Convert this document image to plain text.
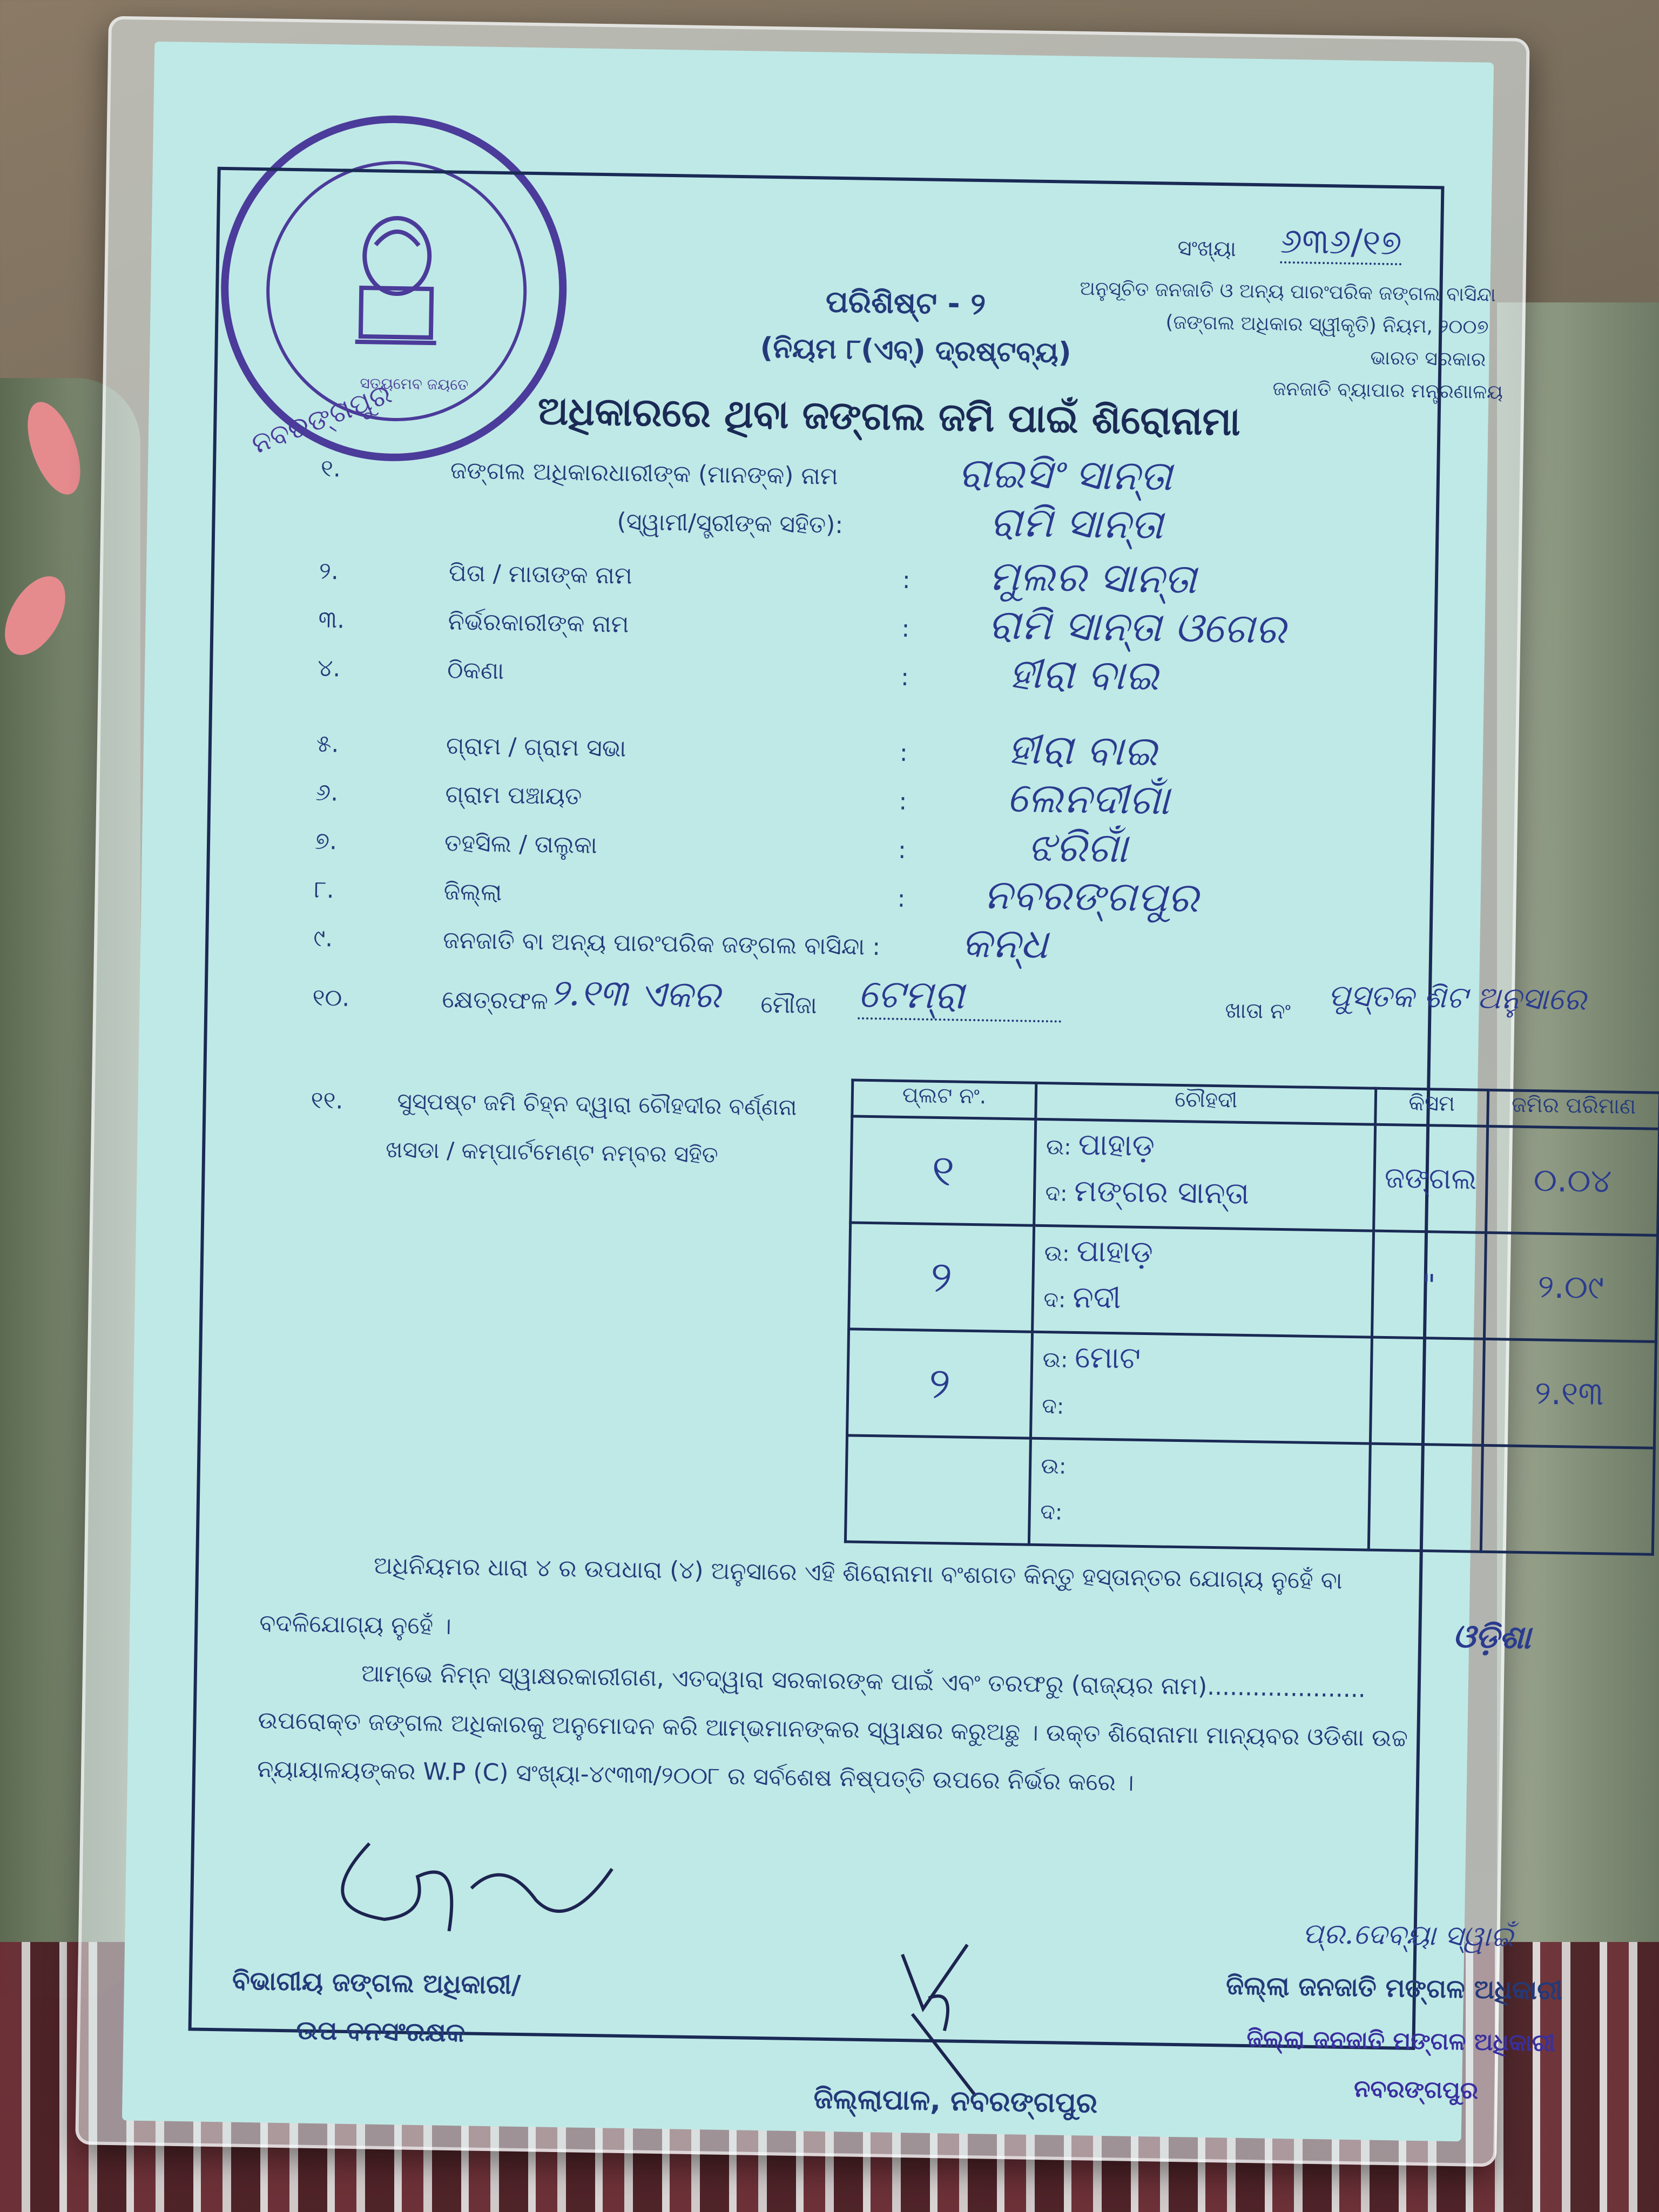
ସତ୍ୟମେବ ଜୟତେ
ନବରଙ୍ଗପୁର
ସଂଖ୍ୟା ୬୩୬/୧୭
ପରିଶିଷ୍ଟ - ୨
(ନିୟମ ୮(ଏବ୍) ଦ୍ରଷ୍ଟବ୍ୟ)
ଅନୁସୂଚିତ ଜନଜାତି ଓ ଅନ୍ୟ ପାରଂପରିକ ଜଙ୍ଗଲ ବାସିନ୍ଦା
(ଜଙ୍ଗଲ ଅଧିକାର ସ୍ୱୀକୃତି) ନିୟମ, ୨୦୦୭
ଭାରତ ସରକାର
ଜନଜାତି ବ୍ୟାପାର ମନ୍ତ୍ରଣାଳୟ
ଅଧିକାରରେ ଥିବା ଜଙ୍ଗଲ ଜମି ପାଇଁ ଶିରୋନାମା
୧.	ଜଙ୍ଗଲ ଅଧିକାରଧାରୀଙ୍କ (ମାନଙ୍କ) ନାମ	ରାଇସିଂ ସାନ୍ତା
(ସ୍ୱାମୀ/ସ୍ତ୍ରୀଙ୍କ ସହିତ):	ରାମି ସାନ୍ତା
୨.	ପିତା / ମାତାଙ୍କ ନାମ	: ମୁଲର ସାନ୍ତା
୩.	ନିର୍ଭରକାରୀଙ୍କ ନାମ	: ରାମି ସାନ୍ତା ଓଗେର
୪.	ଠିକଣା	: ହୀରା ବାଇ
୫.	ଗ୍ରାମ / ଗ୍ରାମ ସଭା	: ହୀରା ବାଇ
୬.	ଗ୍ରାମ ପଞ୍ଚାୟତ	: ଲେନଦୀଗାଁ
୭.	ତହସିଲ / ତାଲୁକା	:	ଝରିଗାଁ
୮.	ଜିଲ୍ଲା	: ନବରଙ୍ଗପୁର
୯.	ଜନଜାତି ବା ଅନ୍ୟ ପାରଂପରିକ ଜଙ୍ଗଲ ବାସିନ୍ଦା : କନ୍ଧ
୧୦.	କ୍ଷେତ୍ରଫଳ ୨.୧୩ ଏକର ମୌଜା ଟେମ୍ରା	ଖାତା ନଂ ପୁସ୍ତକ ଶିଟ ଅନୁସାରେ
୧୧. ସୁସ୍ପଷ୍ଟ ଜମି ଚିହ୍ନ ଦ୍ୱାରା ଚୌହଦୀର ବର୍ଣ୍ଣନା
ଖସଡା / କମ୍ପାର୍ଟମେଣ୍ଟ ନମ୍ବର ସହିତ
ପ୍ଲଟ ନଂ.	ଚୌହଦୀ	କିସମ	ଜମିର ପରିମାଣ
୧	ଉ: ପାହାଡ଼
ଦ: ମଙ୍ଗର ସାନ୍ତା	ଜଙ୍ଗଲ	୦.୦୪
୨	ଉ: ପାହାଡ଼
ଦ: ନଦୀ	"	୨.୦୯
୨	ଉ: ମୋଟ
ଦ:		୨.୧୩

	ଉ:
ଦ:		

ଅଧିନିୟମର ଧାରା ୪ ର ଉପଧାରା (୪) ଅନୁସାରେ ଏହି ଶିରୋନାମା ବଂଶଗତ କିନ୍ତୁ ହସ୍ତାନ୍ତର ଯୋଗ୍ୟ ନୁହେଁ ବା
ବଦଳିଯୋଗ୍ୟ ନୁହେଁ ।	ଓଡ଼ିଶା
ଆମ୍ଭେ ନିମ୍ନ ସ୍ୱାକ୍ଷରକାରୀଗଣ, ଏତଦ୍ୱାରା ସରକାରଙ୍କ ପାଇଁ ଏବଂ ତରଫରୁ (ରାଜ୍ୟର ନାମ).....................
ଉପରୋକ୍ତ ଜଙ୍ଗଲ ଅଧିକାରକୁ ଅନୁମୋଦନ କରି ଆମ୍ଭମାନଙ୍କର ସ୍ୱାକ୍ଷର କରୁଅଛୁ । ଉକ୍ତ ଶିରୋନାମା ମାନ୍ୟବର ଓଡିଶା ଉଚ୍ଚ
ନ୍ୟାୟାଳୟଙ୍କର W.P (C) ସଂଖ୍ୟା-୪୯୩୩/୨୦୦୮ ର ସର୍ବଶେଷ ନିଷ୍ପତ୍ତି ଉପରେ ନିର୍ଭର କରେ ।
ବିଭାଗୀୟ ଜଙ୍ଗଲ ଅଧିକାରୀ/
ଉପ ବନସଂରକ୍ଷକ
ଜିଲ୍ଲାପାଳ, ନବରଙ୍ଗପୁର
ପ୍ର.ଦେବ୍ୟା ସ୍ୱାଇଁ
ଜିଲ୍ଲା ଜନଜାତି ମଙ୍ଗଳ ଅଧିକାରୀ
ଜିଲ୍ଲା ଜନଜାତି ମଙ୍ଗଳ ଅଧିକାରୀ
ନବରଙ୍ଗପୁର
